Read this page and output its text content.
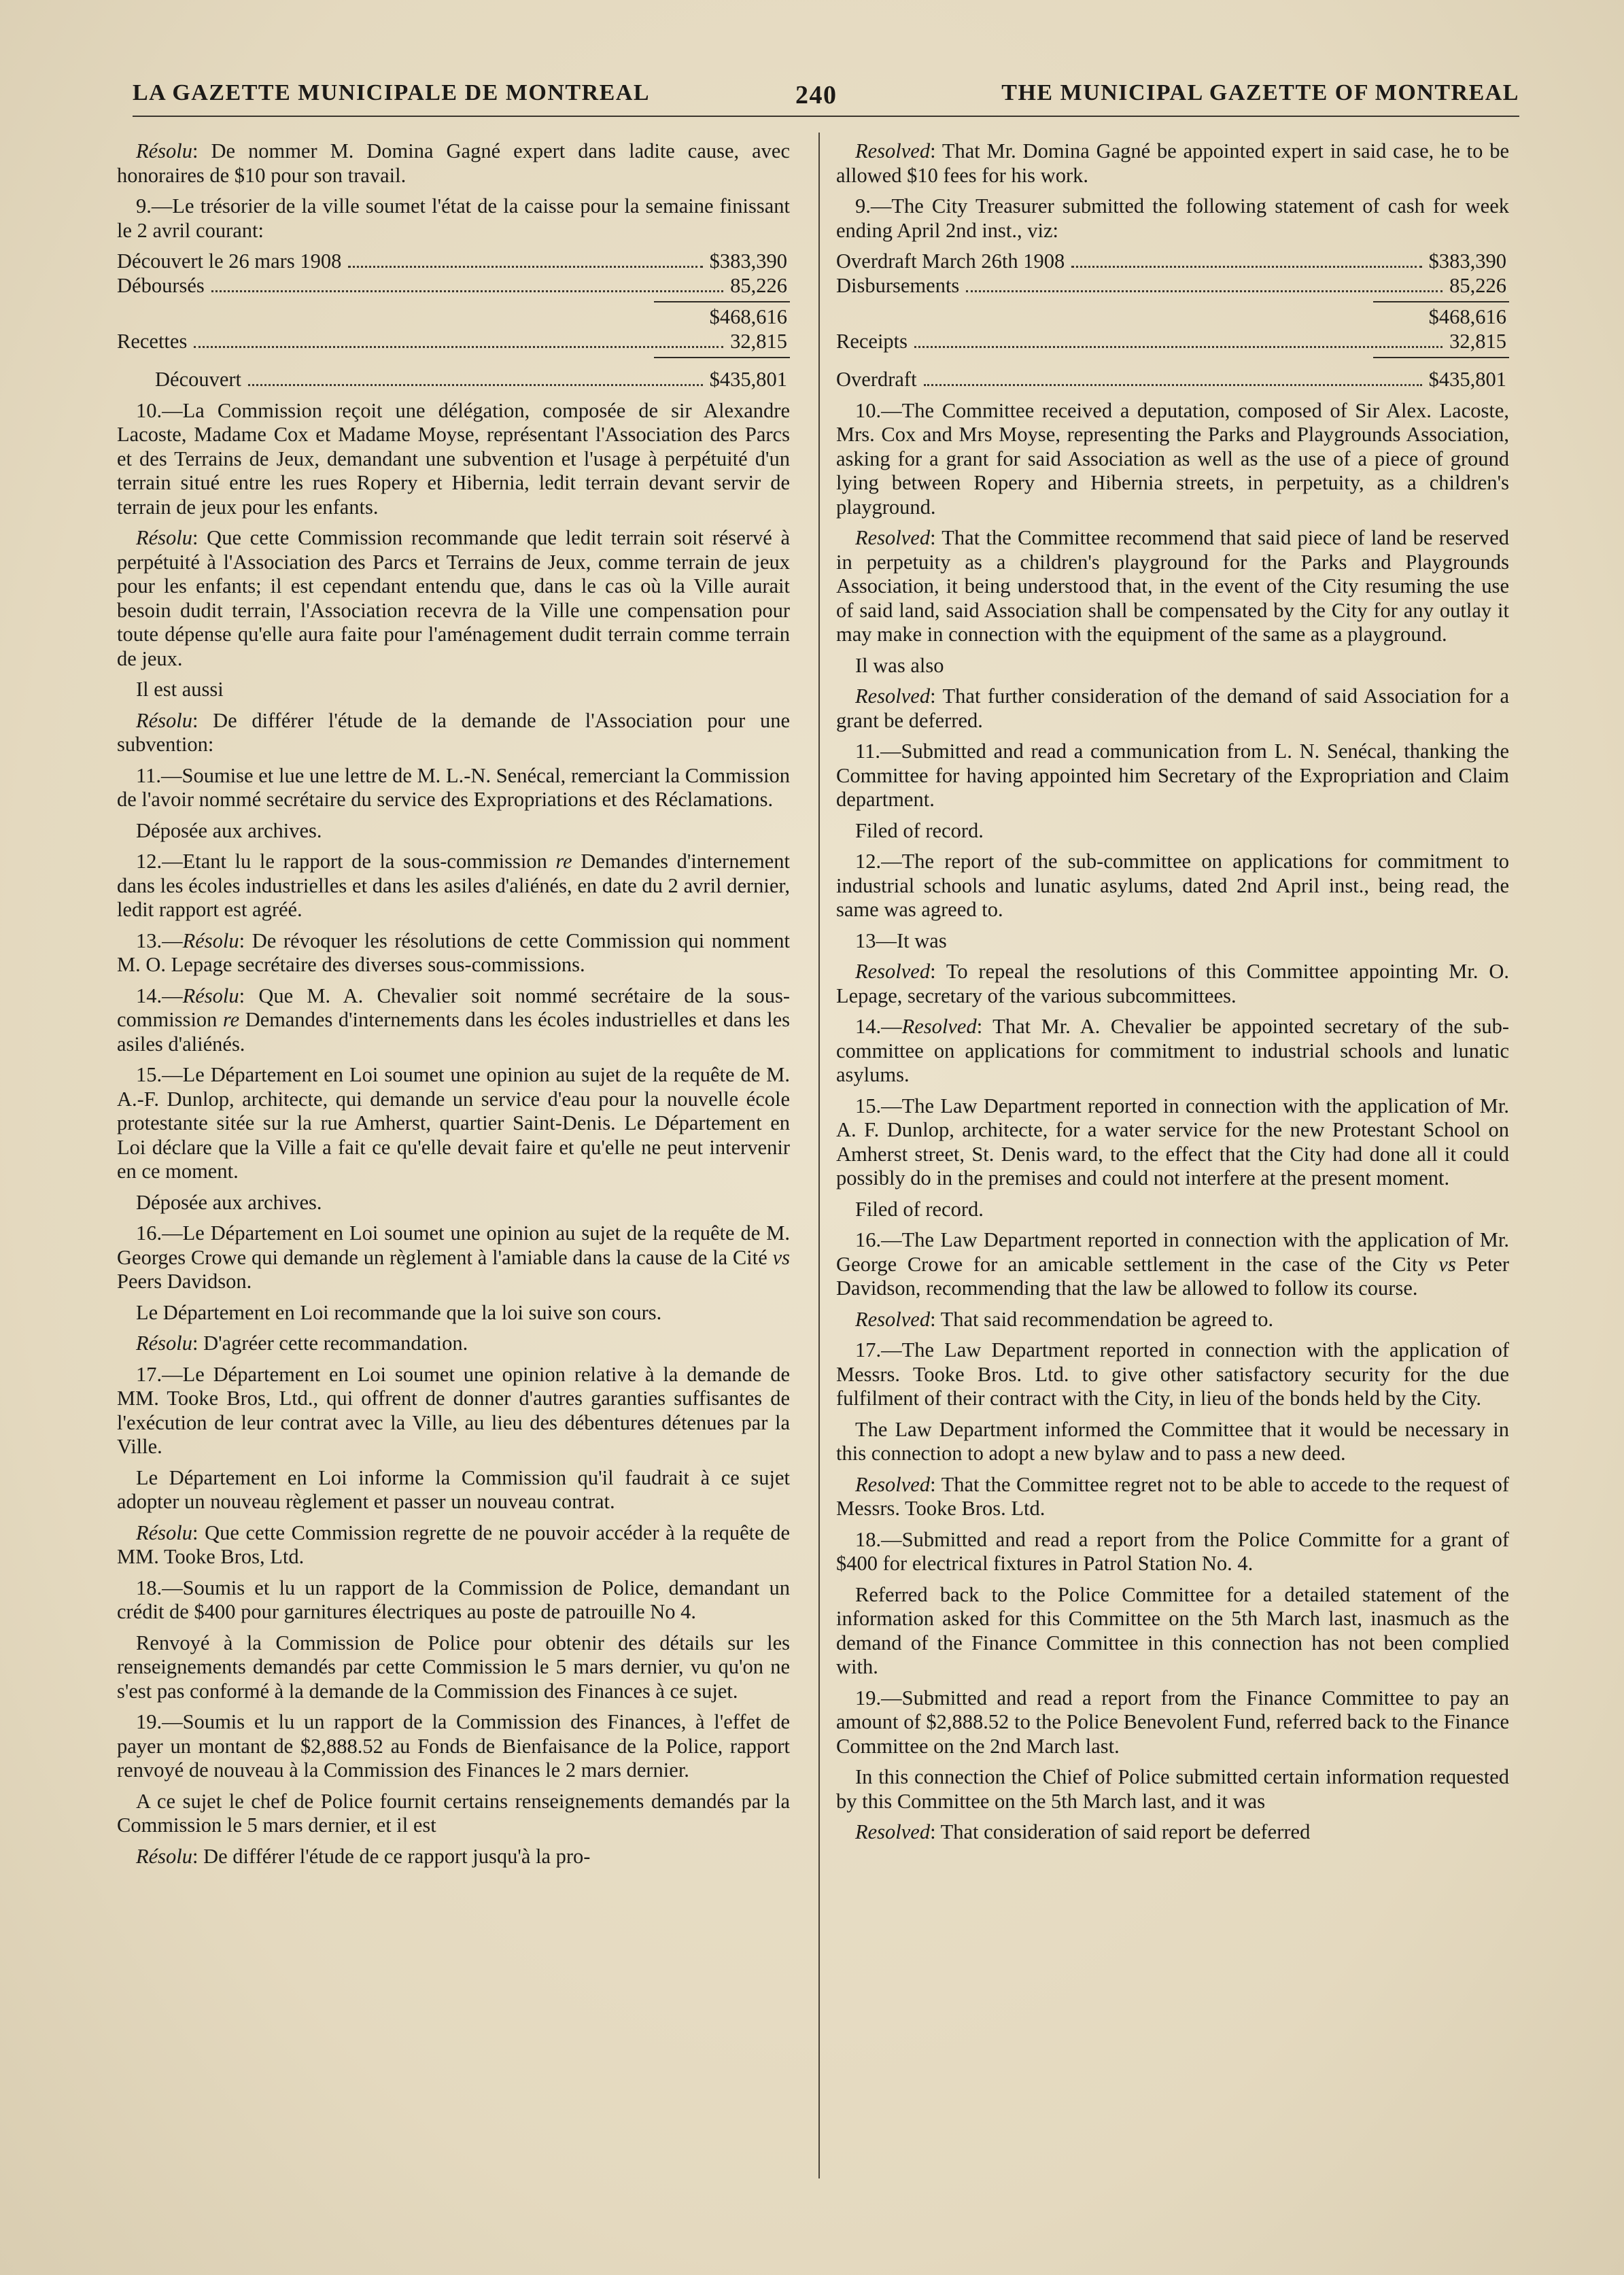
LA GAZETTE MUNICIPALE DE MONTREAL	240	THE MUNICIPAL GAZETTE OF MONTREAL

Résolu: De nommer M. Domina Gagné expert dans ladite cause, avec honoraires de $10 pour son travail.

9.—Le trésorier de la ville soumet l'état de la caisse pour la semaine finissant le 2 avril courant:

Découvert le 26 mars 1908	$383,390
Déboursés	85,226
$468,616
Recettes	32,815
Découvert	$435,801

10.—La Commission reçoit une délégation, composée de sir Alexandre Lacoste, Madame Cox et Madame Moyse, représentant l'Association des Parcs et des Terrains de Jeux, demandant une subvention et l'usage à perpétuité d'un terrain situé entre les rues Ropery et Hibernia, ledit terrain devant servir de terrain de jeux pour les enfants.

Résolu: Que cette Commission recommande que ledit terrain soit réservé à perpétuité à l'Association des Parcs et Terrains de Jeux, comme terrain de jeux pour les enfants; il est cependant entendu que, dans le cas où la Ville aurait besoin dudit terrain, l'Association recevra de la Ville une compensation pour toute dépense qu'elle aura faite pour l'aménagement dudit terrain comme terrain de jeux.

Il est aussi

Résolu: De différer l'étude de la demande de l'Association pour une subvention:

11.—Soumise et lue une lettre de M. L.-N. Senécal, remerciant la Commission de l'avoir nommé secrétaire du service des Expropriations et des Réclamations.

Déposée aux archives.

12.—Etant lu le rapport de la sous-commission re Demandes d'internement dans les écoles industrielles et dans les asiles d'aliénés, en date du 2 avril dernier, ledit rapport est agréé.

13.—Résolu: De révoquer les résolutions de cette Commission qui nomment M. O. Lepage secrétaire des diverses sous-commissions.

14.—Résolu: Que M. A. Chevalier soit nommé secrétaire de la sous-commission re Demandes d'internements dans les écoles industrielles et dans les asiles d'aliénés.

15.—Le Département en Loi soumet une opinion au sujet de la requête de M. A.-F. Dunlop, architecte, qui demande un service d'eau pour la nouvelle école protestante sitée sur la rue Amherst, quartier Saint-Denis. Le Département en Loi déclare que la Ville a fait ce qu'elle devait faire et qu'elle ne peut intervenir en ce moment.

Déposée aux archives.

16.—Le Département en Loi soumet une opinion au sujet de la requête de M. Georges Crowe qui demande un règlement à l'amiable dans la cause de la Cité vs Peers Davidson.

Le Département en Loi recommande que la loi suive son cours.

Résolu: D'agréer cette recommandation.

17.—Le Département en Loi soumet une opinion relative à la demande de MM. Tooke Bros, Ltd., qui offrent de donner d'autres garanties suffisantes de l'exécution de leur contrat avec la Ville, au lieu des débentures détenues par la Ville.

Le Département en Loi informe la Commission qu'il faudrait à ce sujet adopter un nouveau règlement et passer un nouveau contrat.

Résolu: Que cette Commission regrette de ne pouvoir accéder à la requête de MM. Tooke Bros, Ltd.

18.—Soumis et lu un rapport de la Commission de Police, demandant un crédit de $400 pour garnitures électriques au poste de patrouille No 4.

Renvoyé à la Commission de Police pour obtenir des détails sur les renseignements demandés par cette Commission le 5 mars dernier, vu qu'on ne s'est pas conformé à la demande de la Commission des Finances à ce sujet.

19.—Soumis et lu un rapport de la Commission des Finances, à l'effet de payer un montant de $2,888.52 au Fonds de Bienfaisance de la Police, rapport renvoyé de nouveau à la Commission des Finances le 2 mars dernier.

A ce sujet le chef de Police fournit certains renseignements demandés par la Commission le 5 mars dernier, et il est

Résolu: De différer l'étude de ce rapport jusqu'à la pro-

Resolved: That Mr. Domina Gagné be appointed expert in said case, he to be allowed $10 fees for his work.

9.—The City Treasurer submitted the following statement of cash for week ending April 2nd inst., viz:

Overdraft March 26th 1908	$383,390
Disbursements	85,226
$468,616
Receipts	32,815
Overdraft	$435,801

10.—The Committee received a deputation, composed of Sir Alex. Lacoste, Mrs. Cox and Mrs Moyse, representing the Parks and Playgrounds Association, asking for a grant for said Association as well as the use of a piece of ground lying between Ropery and Hibernia streets, in perpetuity, as a children's playground.

Resolved: That the Committee recommend that said piece of land be reserved in perpetuity as a children's playground for the Parks and Playgrounds Association, it being understood that, in the event of the City resuming the use of said land, said Association shall be compensated by the City for any outlay it may make in connection with the equipment of the same as a playground.

Il was also

Resolved: That further consideration of the demand of said Association for a grant be deferred.

11.—Submitted and read a communication from L. N. Senécal, thanking the Committee for having appointed him Secretary of the Expropriation and Claim department.

Filed of record.

12.—The report of the sub-committee on applications for commitment to industrial schools and lunatic asylums, dated 2nd April inst., being read, the same was agreed to.

13—It was

Resolved: To repeal the resolutions of this Committee appointing Mr. O. Lepage, secretary of the various subcommittees.

14.—Resolved: That Mr. A. Chevalier be appointed secretary of the sub-committee on applications for commitment to industrial schools and lunatic asylums.

15.—The Law Department reported in connection with the application of Mr. A. F. Dunlop, architecte, for a water service for the new Protestant School on Amherst street, St. Denis ward, to the effect that the City had done all it could possibly do in the premises and could not interfere at the present moment.

Filed of record.

16.—The Law Department reported in connection with the application of Mr. George Crowe for an amicable settlement in the case of the City vs Peter Davidson, recommending that the law be allowed to follow its course.

Resolved: That said recommendation be agreed to.

17.—The Law Department reported in connection with the application of Messrs. Tooke Bros. Ltd. to give other satisfactory security for the due fulfilment of their contract with the City, in lieu of the bonds held by the City.

The Law Department informed the Committee that it would be necessary in this connection to adopt a new bylaw and to pass a new deed.

Resolved: That the Committee regret not to be able to accede to the request of Messrs. Tooke Bros. Ltd.

18.—Submitted and read a report from the Police Committe for a grant of $400 for electrical fixtures in Patrol Station No. 4.

Referred back to the Police Committee for a detailed statement of the information asked for this Committee on the 5th March last, inasmuch as the demand of the Finance Committee in this connection has not been complied with.

19.—Submitted and read a report from the Finance Committee to pay an amount of $2,888.52 to the Police Benevolent Fund, referred back to the Finance Committee on the 2nd March last.

In this connection the Chief of Police submitted certain information requested by this Committee on the 5th March last, and it was

Resolved: That consideration of said report be deferred
